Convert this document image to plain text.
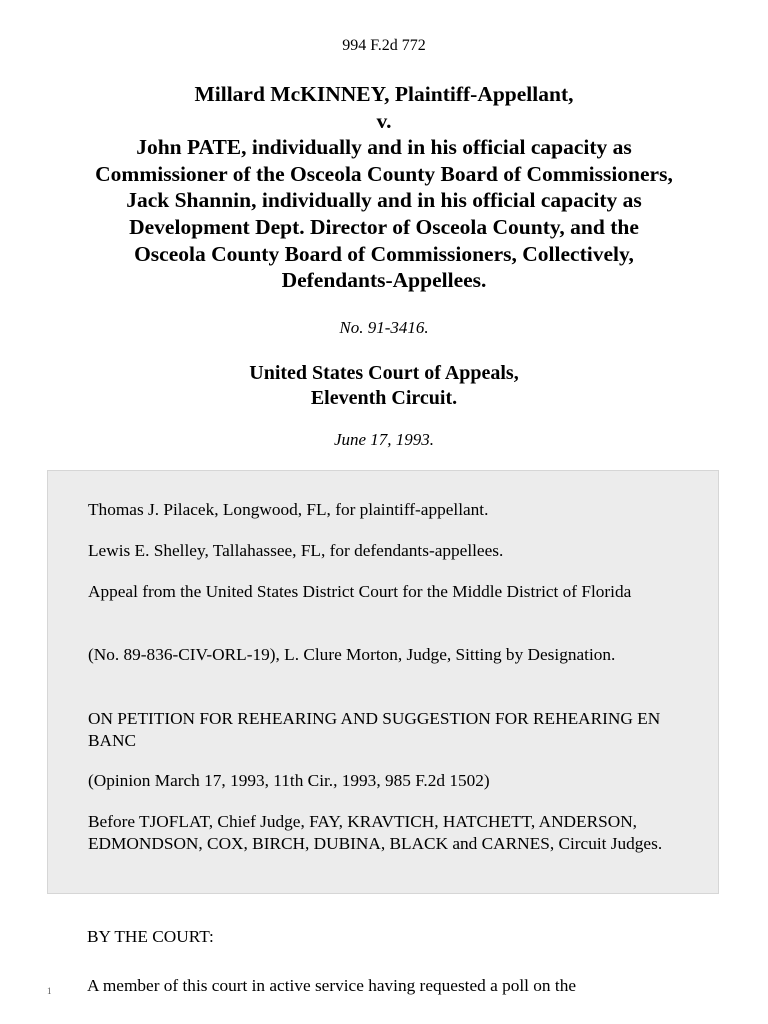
994 F.2d 772
Millard McKINNEY, Plaintiff-Appellant,
v.
John PATE, individually and in his official capacity as
Commissioner of the Osceola County Board of Commissioners,
Jack Shannin, individually and in his official capacity as
Development Dept. Director of Osceola County, and the
Osceola County Board of Commissioners, Collectively,
Defendants-Appellees.
No. 91-3416.
United States Court of Appeals,
Eleventh Circuit.
June 17, 1993.

Thomas J. Pilacek, Longwood, FL, for plaintiff-appellant.

Lewis E. Shelley, Tallahassee, FL, for defendants-appellees.

Appeal from the United States District Court for the Middle District of Florida

(No. 89-836-CIV-ORL-19), L. Clure Morton, Judge, Sitting by Designation.

ON PETITION FOR REHEARING AND SUGGESTION FOR REHEARING EN BANC

(Opinion March 17, 1993, 11th Cir., 1993, 985 F.2d 1502)

Before TJOFLAT, Chief Judge, FAY, KRAVTICH, HATCHETT, ANDERSON, EDMONDSON, COX, BIRCH, DUBINA, BLACK and CARNES, Circuit Judges.

BY THE COURT:

1 A member of this court in active service having requested a poll on the
